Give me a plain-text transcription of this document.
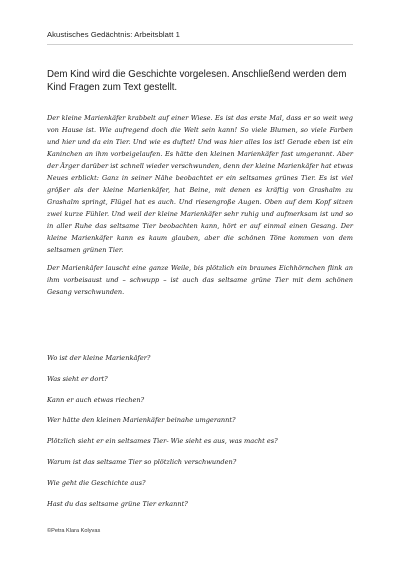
Akustisches Gedächtnis: Arbeitsblatt 1
Dem Kind wird die Geschichte vorgelesen. Anschließend werden dem Kind Fragen zum Text gestellt.

Der kleine Marienkäfer krabbelt auf einer Wiese. Es ist das erste Mal, dass er so weit weg von Hause ist. Wie aufregend doch die Welt sein kann! So viele Blumen, so viele Farben und hier und da ein Tier. Und wie es duftet! Und was hier alles los ist! Gerade eben ist ein Kaninchen an ihm vorbeigelaufen. Es hätte den kleinen Marienkäfer fast umgerannt. Aber der Ärger darüber ist schnell wieder verschwunden, denn der kleine Marienkäfer hat etwas Neues erblickt: Ganz in seiner Nähe beobachtet er ein seltsames grünes Tier. Es ist viel größer als der kleine Marienkäfer, hat Beine, mit denen es kräftig von Grashalm zu Grashalm springt, Flügel hat es auch. Und riesengroße Augen. Oben auf dem Kopf sitzen zwei kurze Fühler. Und weil der kleine Marienkäfer sehr ruhig und aufmerksam ist und so in aller Ruhe das seltsame Tier beobachten kann, hört er auf einmal einen Gesang. Der kleine Marienkäfer kann es kaum glauben, aber die schönen Töne kommen von dem seltsamen grünen Tier.

Der Marienkäfer lauscht eine ganze Weile, bis plötzlich ein braunes Eichhörnchen flink an ihm vorbeisaust und – schwupp – ist auch das seltsame grüne Tier mit dem schönen Gesang verschwunden.

Wo ist der kleine Marienkäfer?
Was sieht er dort?
Kann er auch etwas riechen?
Wer hätte den kleinen Marienkäfer beinahe umgerannt?
Plötzlich sieht er ein seltsames Tier- Wie sieht es aus, was macht es?
Warum ist das seltsame Tier so plötzlich verschwunden?
Wie geht die Geschichte aus?
Hast du das seltsame grüne Tier erkannt?
©Petra Klara Kolyvas
